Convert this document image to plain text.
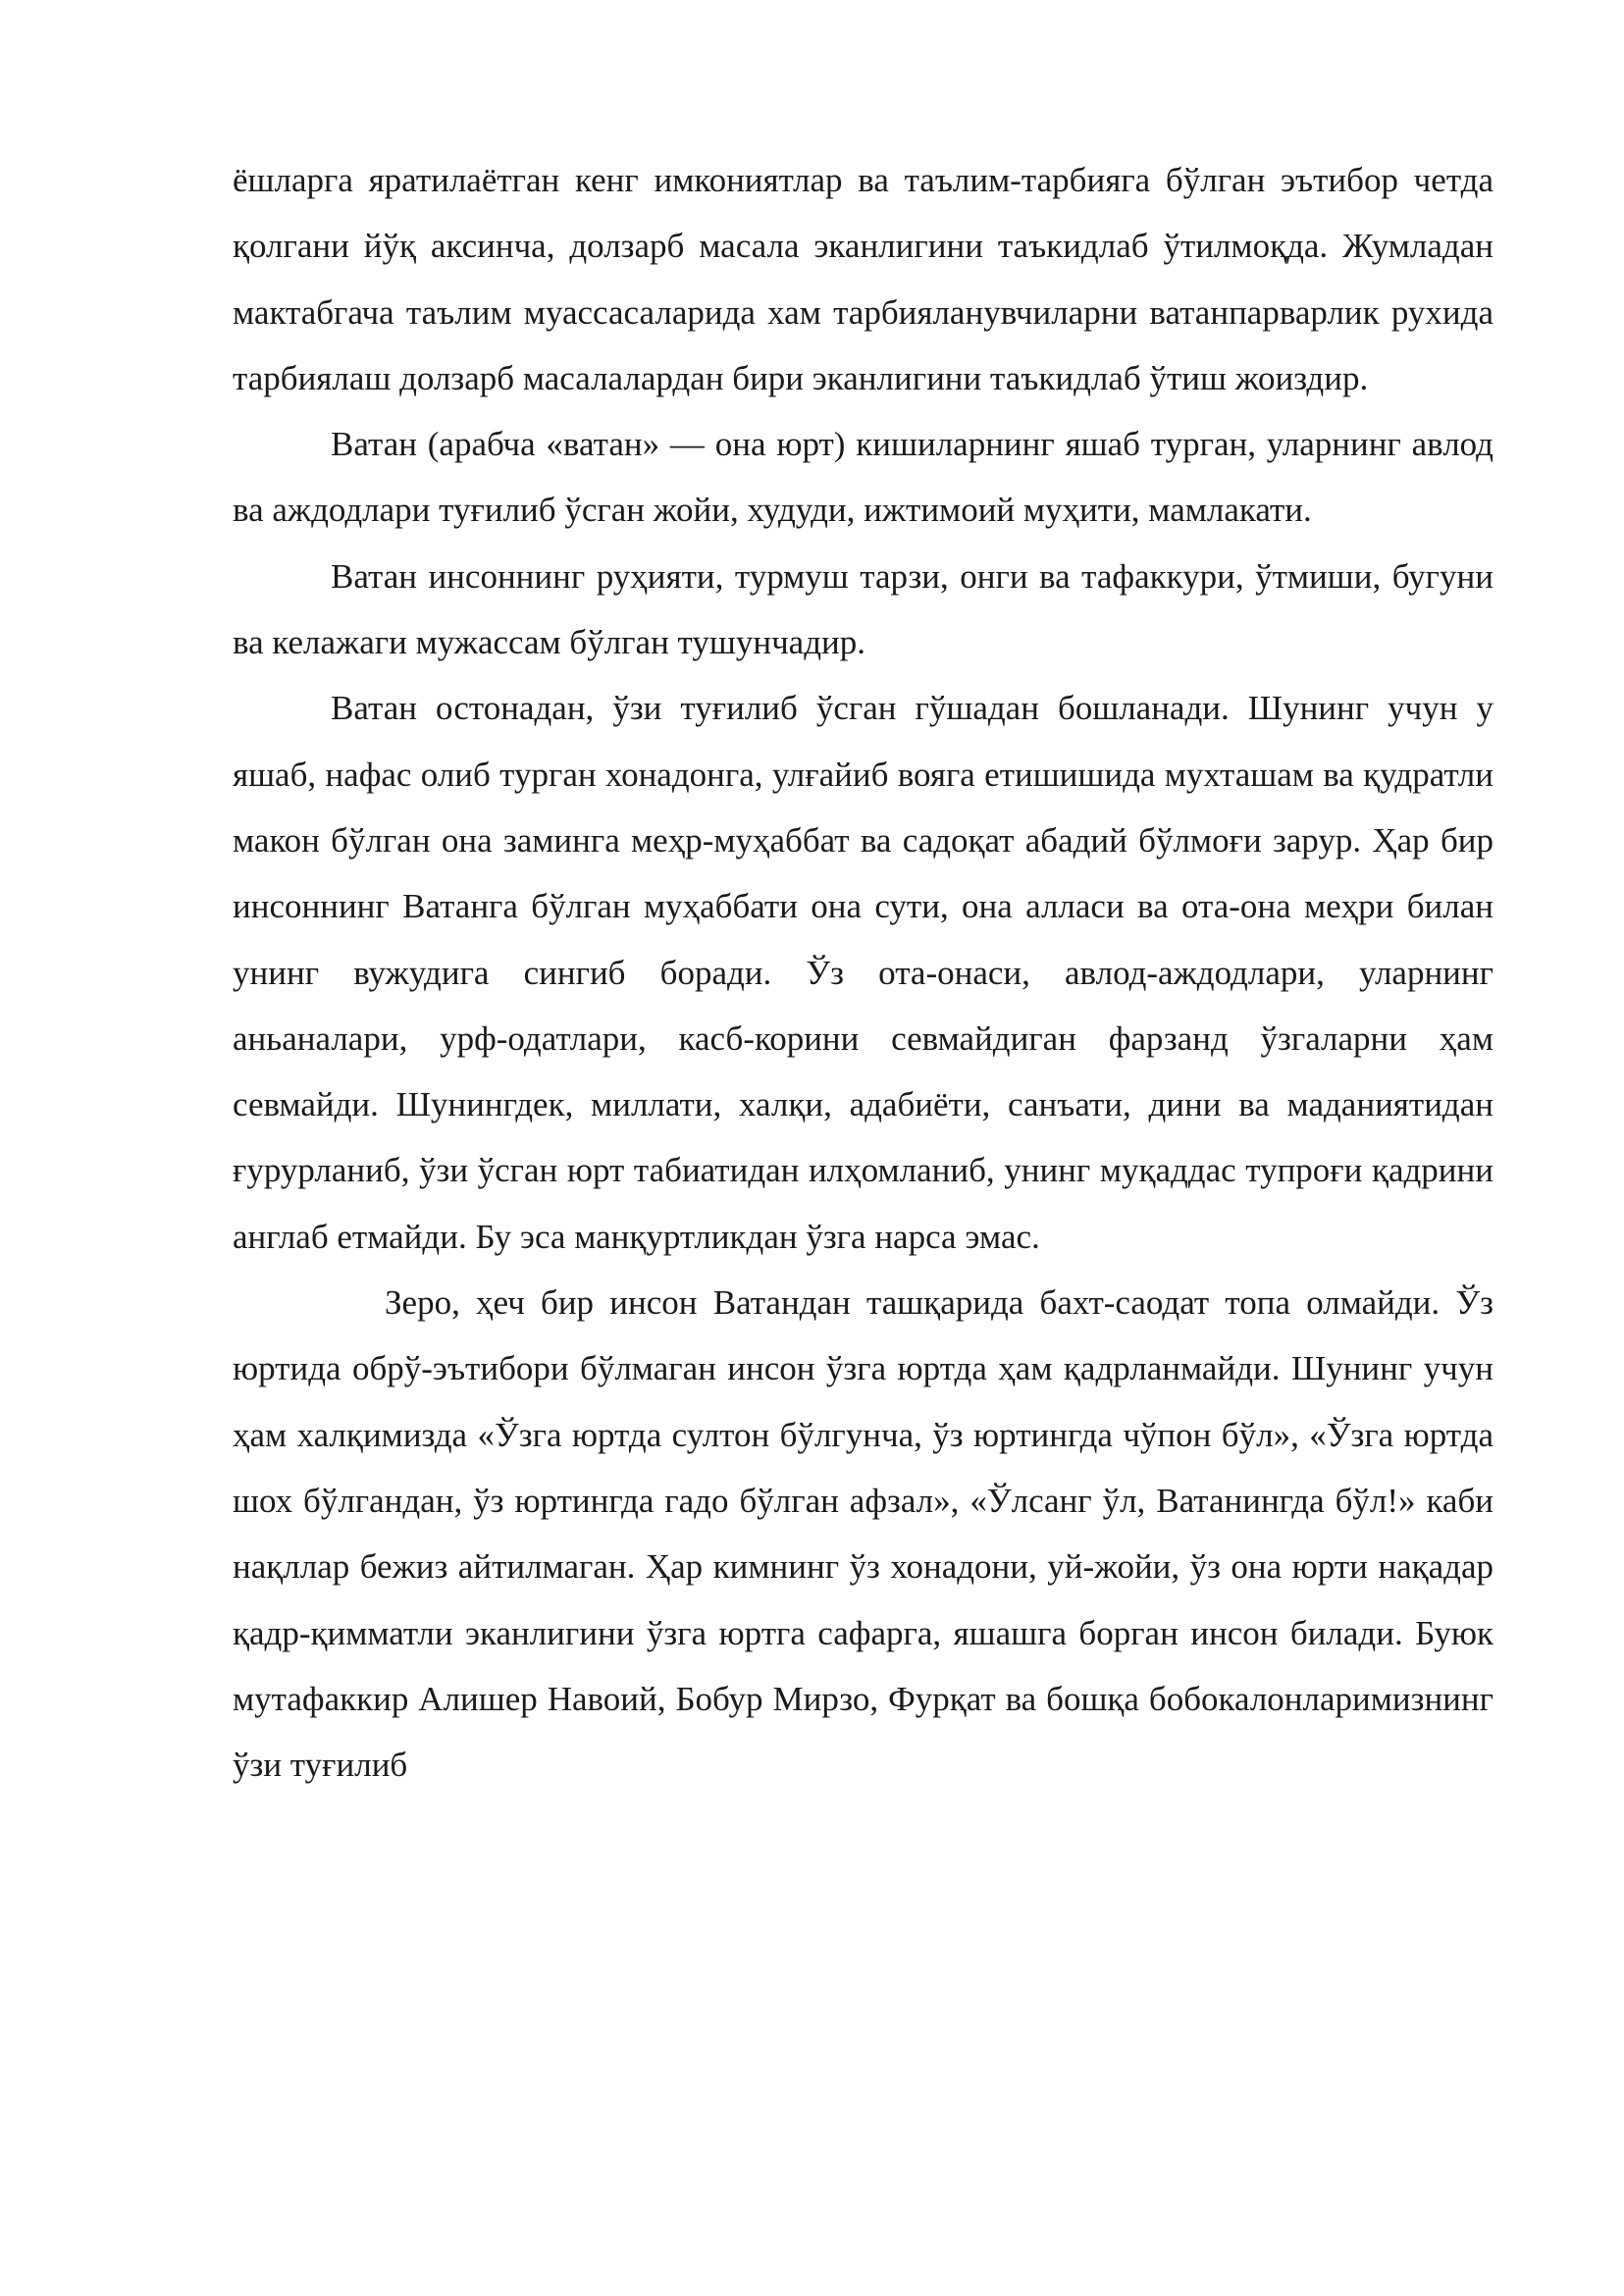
ёшларга яратилаётган кенг имкониятлар ва таълим-тарбияга бўлган эътибор четда қолгани йўқ аксинча, долзарб масала эканлигини таъкидлаб ўтилмоқда. Жумладан мактабгача таълим муассасаларида хам тарбияланувчиларни ватанпарварлик рухида тарбиялаш долзарб масалалардан бири эканлигини таъкидлаб ўтиш жоиздир.

Ватан (арабча «ватан» — она юрт) кишиларнинг яшаб турган, уларнинг авлод ва аждодлари туғилиб ўсган жойи, худуди, ижтимоий муҳити, мамлакати.

Ватан инсоннинг руҳияти, турмуш тарзи, онги ва тафаккури, ўтмиши, бугуни ва келажаги мужассам бўлган тушунчадир.

Ватан остонадан, ўзи туғилиб ўсган гўшадан бошланади. Шунинг учун у яшаб, нафас олиб турган хонадонга, улғайиб вояга етишишида мухташам ва қудратли макон бўлган она заминга меҳр-муҳаббат ва садоқат абадий бўлмоғи зарур. Ҳар бир инсоннинг Ватанга бўлган муҳаббати она сути, она алласи ва ота-она меҳри билан унинг вужудига сингиб боради. Ўз ота-онаси, авлод-аждодлари, уларнинг аньаналари, урф-одатлари, касб-корини севмайдиган фарзанд ўзгаларни ҳам севмайди. Шунингдек, миллати, халқи, адабиёти, санъати, дини ва маданиятидан ғурурланиб, ўзи ўсган юрт табиатидан илҳомланиб, унинг муқаддас тупроғи қадрини англаб етмайди. Бу эса манқуртликдан ўзга нарса эмас.

Зеро, ҳеч бир инсон Ватандан ташқарида бахт-саодат топа олмайди. Ўз юртида обрў-эътибори бўлмаган инсон ўзга юртда ҳам қадрланмайди. Шунинг учун ҳам халқимизда «Ўзга юртда султон бўлгунча, ўз юртингда чўпон бўл», «Ўзга юртда шох бўлгандан, ўз юртингда гадо бўлган афзал», «Ўлсанг ўл, Ватанингда бўл!» каби нақллар бежиз айтилмаган. Ҳар кимнинг ўз хонадони, уй-жойи, ўз она юрти нақадар қадр-қимматли эканлигини ўзга юртга сафарга, яшашга борган инсон билади. Буюк мутафаккир Алишер Навоий, Бобур Мирзо, Фурқат ва бошқа бобокалонларимизнинг ўзи туғилиб
